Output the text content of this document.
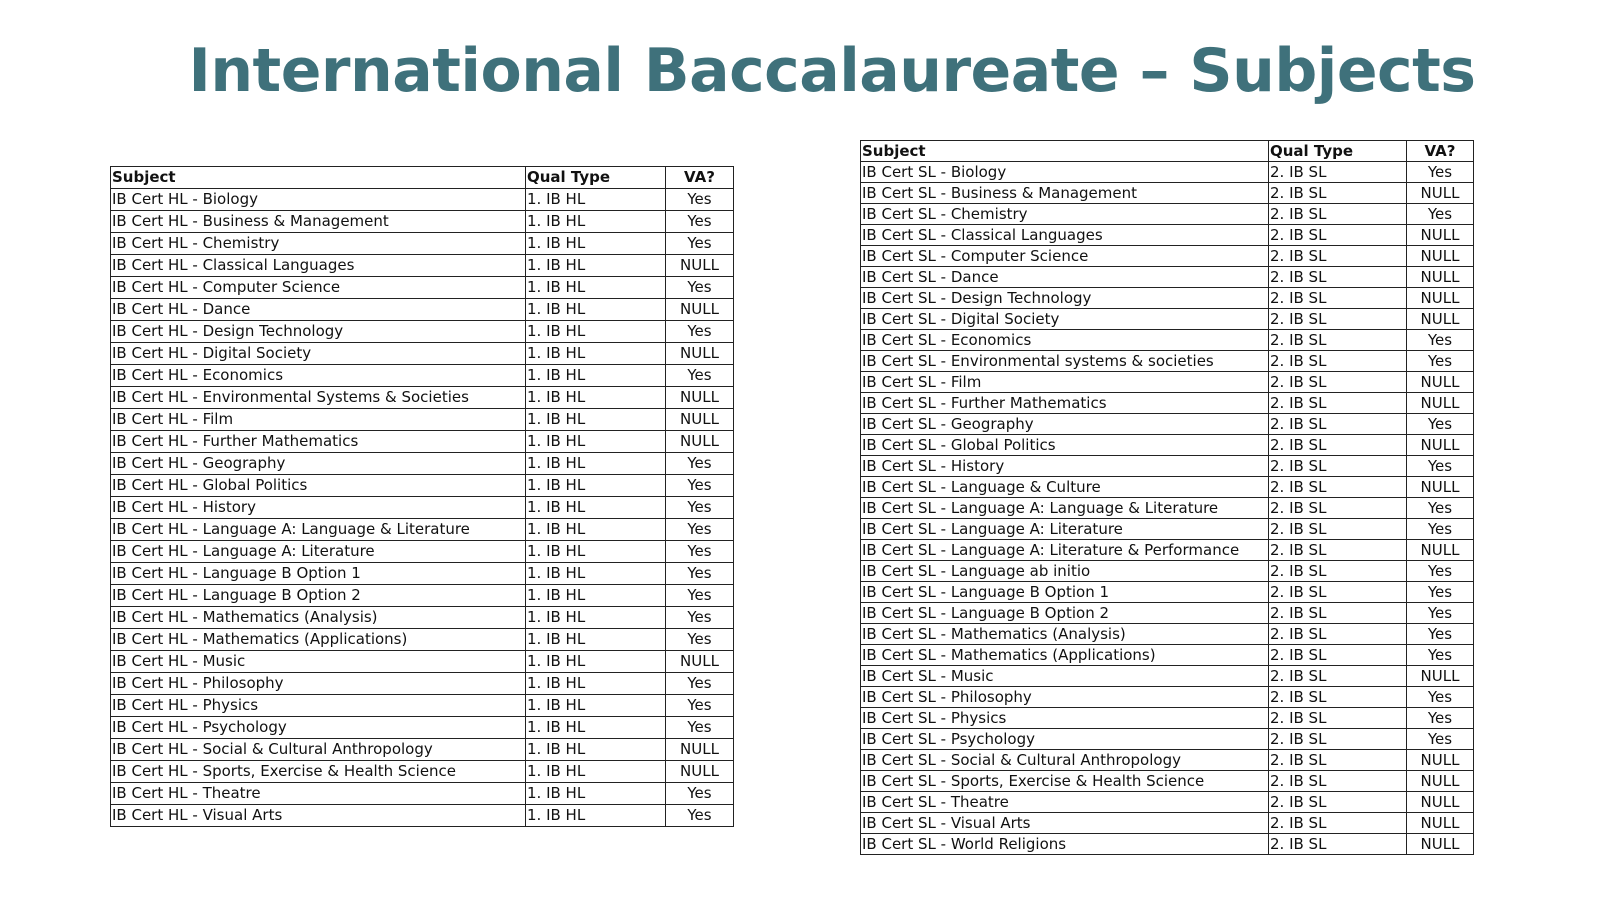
International Baccalaureate – Subjects
Subject	Qual Type	VA?
IB Cert HL - Biology	1. IB HL	Yes
IB Cert HL - Business & Management	1. IB HL	Yes
IB Cert HL - Chemistry	1. IB HL	Yes
IB Cert HL - Classical Languages	1. IB HL	NULL
IB Cert HL - Computer Science	1. IB HL	Yes
IB Cert HL - Dance	1. IB HL	NULL
IB Cert HL - Design Technology	1. IB HL	Yes
IB Cert HL - Digital Society	1. IB HL	NULL
IB Cert HL - Economics	1. IB HL	Yes
IB Cert HL - Environmental Systems & Societies	1. IB HL	NULL
IB Cert HL - Film	1. IB HL	NULL
IB Cert HL - Further Mathematics	1. IB HL	NULL
IB Cert HL - Geography	1. IB HL	Yes
IB Cert HL - Global Politics	1. IB HL	Yes
IB Cert HL - History	1. IB HL	Yes
IB Cert HL - Language A: Language & Literature	1. IB HL	Yes
IB Cert HL - Language A: Literature	1. IB HL	Yes
IB Cert HL - Language B Option 1	1. IB HL	Yes
IB Cert HL - Language B Option 2	1. IB HL	Yes
IB Cert HL - Mathematics (Analysis)	1. IB HL	Yes
IB Cert HL - Mathematics (Applications)	1. IB HL	Yes
IB Cert HL - Music	1. IB HL	NULL
IB Cert HL - Philosophy	1. IB HL	Yes
IB Cert HL - Physics	1. IB HL	Yes
IB Cert HL - Psychology	1. IB HL	Yes
IB Cert HL - Social & Cultural Anthropology	1. IB HL	NULL
IB Cert HL - Sports, Exercise & Health Science	1. IB HL	NULL
IB Cert HL - Theatre	1. IB HL	Yes
IB Cert HL - Visual Arts	1. IB HL	Yes
Subject	Qual Type	VA?
IB Cert SL - Biology	2. IB SL	Yes
IB Cert SL - Business & Management	2. IB SL	NULL
IB Cert SL - Chemistry	2. IB SL	Yes
IB Cert SL - Classical Languages	2. IB SL	NULL
IB Cert SL - Computer Science	2. IB SL	NULL
IB Cert SL - Dance	2. IB SL	NULL
IB Cert SL - Design Technology	2. IB SL	NULL
IB Cert SL - Digital Society	2. IB SL	NULL
IB Cert SL - Economics	2. IB SL	Yes
IB Cert SL - Environmental systems & societies	2. IB SL	Yes
IB Cert SL - Film	2. IB SL	NULL
IB Cert SL - Further Mathematics	2. IB SL	NULL
IB Cert SL - Geography	2. IB SL	Yes
IB Cert SL - Global Politics	2. IB SL	NULL
IB Cert SL - History	2. IB SL	Yes
IB Cert SL - Language & Culture	2. IB SL	NULL
IB Cert SL - Language A: Language & Literature	2. IB SL	Yes
IB Cert SL - Language A: Literature	2. IB SL	Yes
IB Cert SL - Language A: Literature & Performance	2. IB SL	NULL
IB Cert SL - Language ab initio	2. IB SL	Yes
IB Cert SL - Language B Option 1	2. IB SL	Yes
IB Cert SL - Language B Option 2	2. IB SL	Yes
IB Cert SL - Mathematics (Analysis)	2. IB SL	Yes
IB Cert SL - Mathematics (Applications)	2. IB SL	Yes
IB Cert SL - Music	2. IB SL	NULL
IB Cert SL - Philosophy	2. IB SL	Yes
IB Cert SL - Physics	2. IB SL	Yes
IB Cert SL - Psychology	2. IB SL	Yes
IB Cert SL - Social & Cultural Anthropology	2. IB SL	NULL
IB Cert SL - Sports, Exercise & Health Science	2. IB SL	NULL
IB Cert SL - Theatre	2. IB SL	NULL
IB Cert SL - Visual Arts	2. IB SL	NULL
IB Cert SL - World Religions	2. IB SL	NULL
